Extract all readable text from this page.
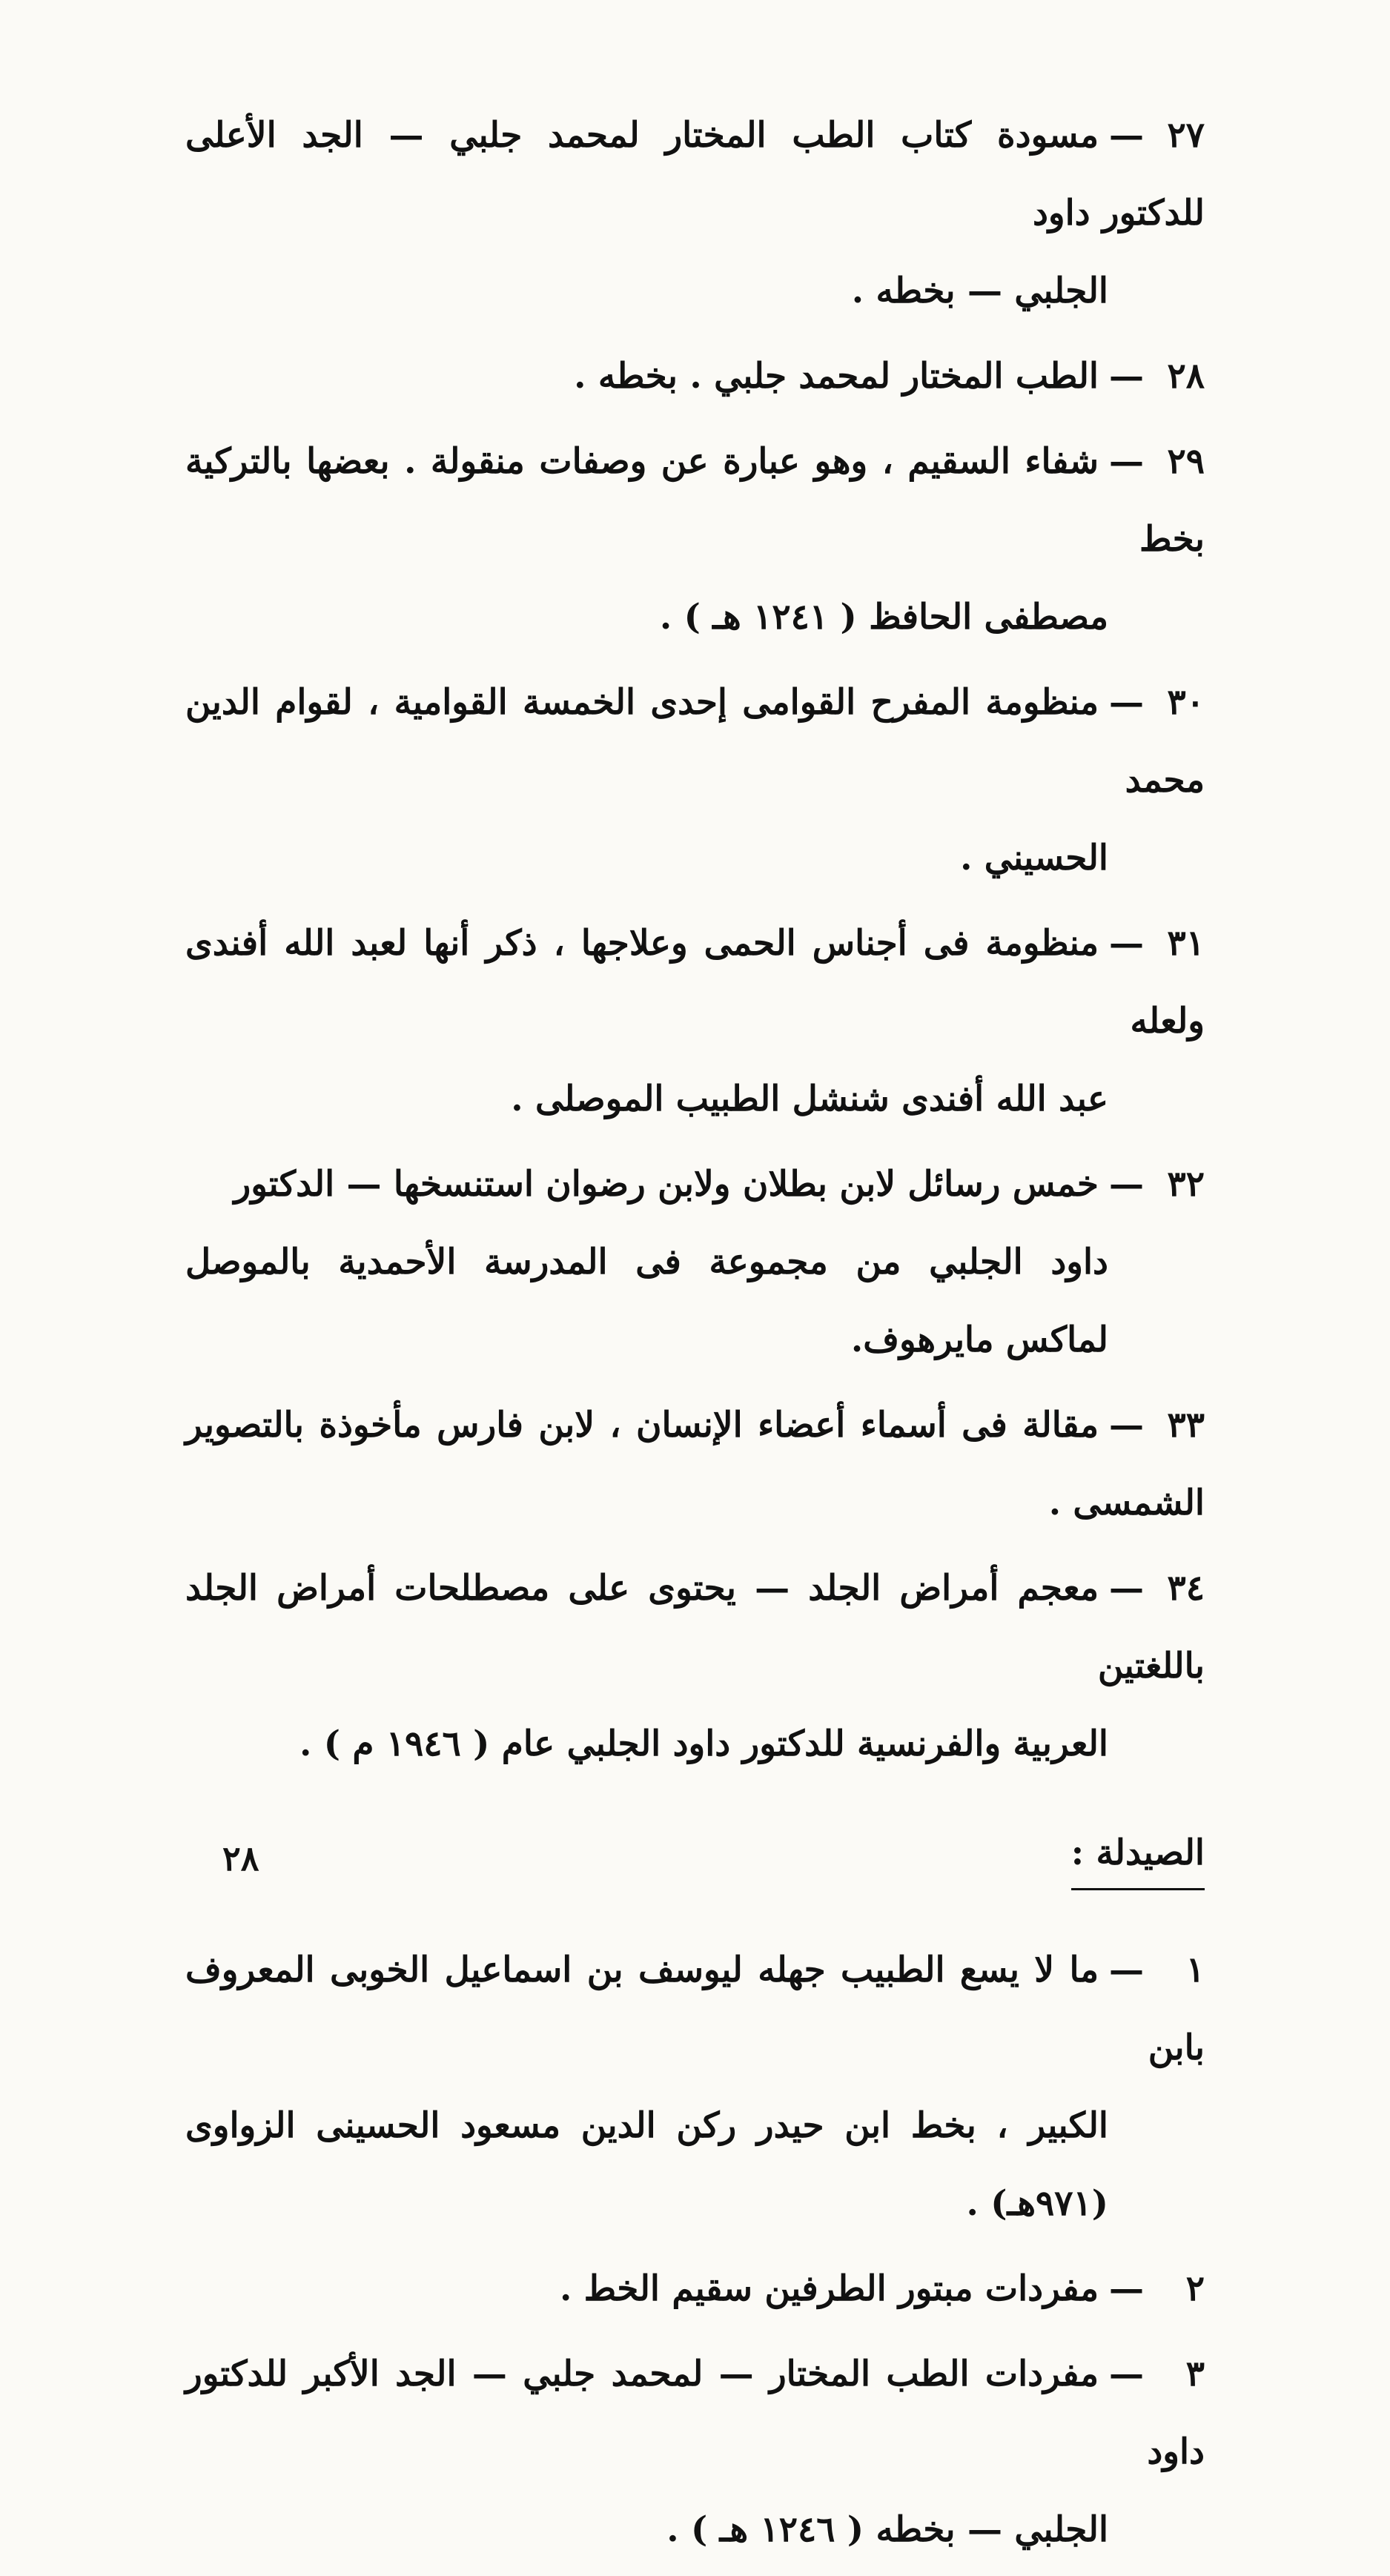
٢٧—مسودة كتاب الطب المختار لمحمد جلبي — الجد الأعلى للدكتور داود
الجلبي — بخطه .
٢٨—الطب المختار لمحمد جلبي . بخطه .
٢٩—شفاء السقيم ، وهو عبارة عن وصفات منقولة . بعضها بالتركية بخط
مصطفى الحافظ ( ١٢٤١ هـ ) .
٣٠—منظومة المفرح القوامى إحدى الخمسة القوامية ، لقوام الدين محمد
الحسيني .
٣١—منظومة فى أجناس الحمى وعلاجها ، ذكر أنها لعبد الله أفندى ولعله
عبد الله أفندى شنشل الطبيب الموصلى .
٣٢—خمس رسائل لابن بطلان ولابن رضوان استنسخها — الدكتور
داود الجلبي من مجموعة فى المدرسة الأحمدية بالموصل لماكس مايرهوف.
٣٣—مقالة فى أسماء أعضاء الإنسان ، لابن فارس مأخوذة بالتصوير الشمسى .
٣٤—معجم أمراض الجلد — يحتوى على مصطلحات أمراض الجلد باللغتين
العربية والفرنسية للدكتور داود الجلبي عام ( ١٩٤٦ م ) .
الصيدلة :
١—ما لا يسع الطبيب جهله ليوسف بن اسماعيل الخوبى المعروف بابن
الكبير ، بخط ابن حيدر ركن الدين مسعود الحسينى الزواوى (٩٧١هـ) .
٢—مفردات مبتور الطرفين سقيم الخط .
٣—مفردات الطب المختار — لمحمد جلبي — الجد الأكبر للدكتور داود
الجلبي — بخطه ( ١٢٤٦ هـ ) .
٢٨
